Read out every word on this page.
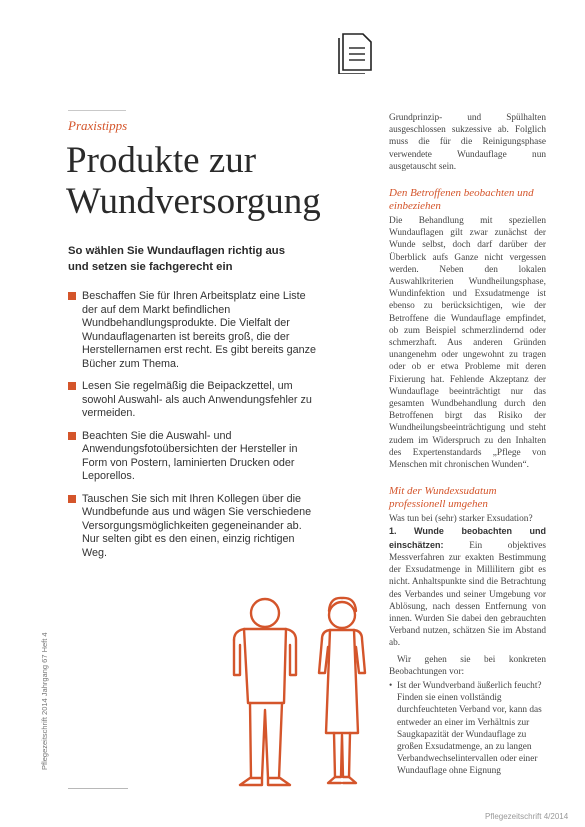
Praxistipps
Produkte zur
Wundversorgung
So wählen Sie Wundauflagen richtig aus und setzen sie fachgerecht ein
Beschaffen Sie für Ihren Arbeitsplatz eine Liste der auf dem Markt befindlichen Wundbehandlungsprodukte. Die Vielfalt der Wundauflagenarten ist bereits groß, die der Herstellernamen erst recht. Es gibt bereits ganze Bücher zum Thema.
Lesen Sie regelmäßig die Beipackzettel, um sowohl Auswahl- als auch Anwendungsfehler zu vermeiden.
Beachten Sie die Auswahl- und Anwendungsfotoübersichten der Hersteller in Form von Postern, laminierten Drucken oder Leporellos.
Tauschen Sie sich mit Ihren Kollegen über die Wundbefunde aus und wägen Sie verschiedene Versorgungsmöglichkeiten gegeneinander ab. Nur selten gibt es den einen, einzig richtigen Weg.
Pflegezeitschrift 2014 Jahrgang 67 Heft 4

Grundprinzip- und Spülhalten ausgeschlossen sukzessive ab. Folglich muss die für die Reinigungsphase verwendete Wundauflage nun ausgetauscht sein.

Den Betroffenen beobachten und einbeziehen

Die Behandlung mit speziellen Wundauflagen gilt zwar zunächst der Wunde selbst, doch darf darüber der Überblick aufs Ganze nicht vergessen werden. Neben den lokalen Auswahlkriterien Wundheilungsphase, Wundinfektion und Exsudatmenge ist ebenso zu berücksichtigen, wie der Betroffene die Wundauflage empfindet, ob zum Beispiel schmerzlindernd oder schmerzhaft. Aus anderen Gründen unangenehm oder ungewohnt zu tragen oder ob er etwa Probleme mit deren Fixierung hat. Fehlende Akzeptanz der Wundauflage beeinträchtigt nur das gesamten Wundbehandlung durch den Betroffenen birgt das Risiko der Wundheilungsbeeinträchtigung und steht zudem im Widerspruch zu den Inhalten des Expertenstandards „Pflege von Menschen mit chronischen Wunden“.

Mit der Wundexsudatum professionell umgehen

Was tun bei (sehr) starker Exsudation?

1. Wunde beobachten und einschätzen:	Ein objektives Messverfahren zur exakten Bestimmung der Exsudatmenge in Millilitern gibt es nicht. Anhaltspunkte sind die Betrachtung des Verbandes und seiner Umgebung vor Ablösung, nach dessen Entfernung von innen. Wurden Sie dabei den gebrauchten Verband nutzen, schätzen Sie im Abstand ab.

Wir gehen sie bei konkreten Beobachtungen vor:

• Ist der Wundverband äußerlich feucht? Finden sie einen vollständig durchfeuchteten Verband vor, kann das entweder an einer im Verhältnis zur Saugkapazität der Wundauflage zu großen Exsudatmenge, an zu langen Verbandwechselintervallen oder einer Wundauflage ohne Eignung
Pflegezeitschrift 4/2014
